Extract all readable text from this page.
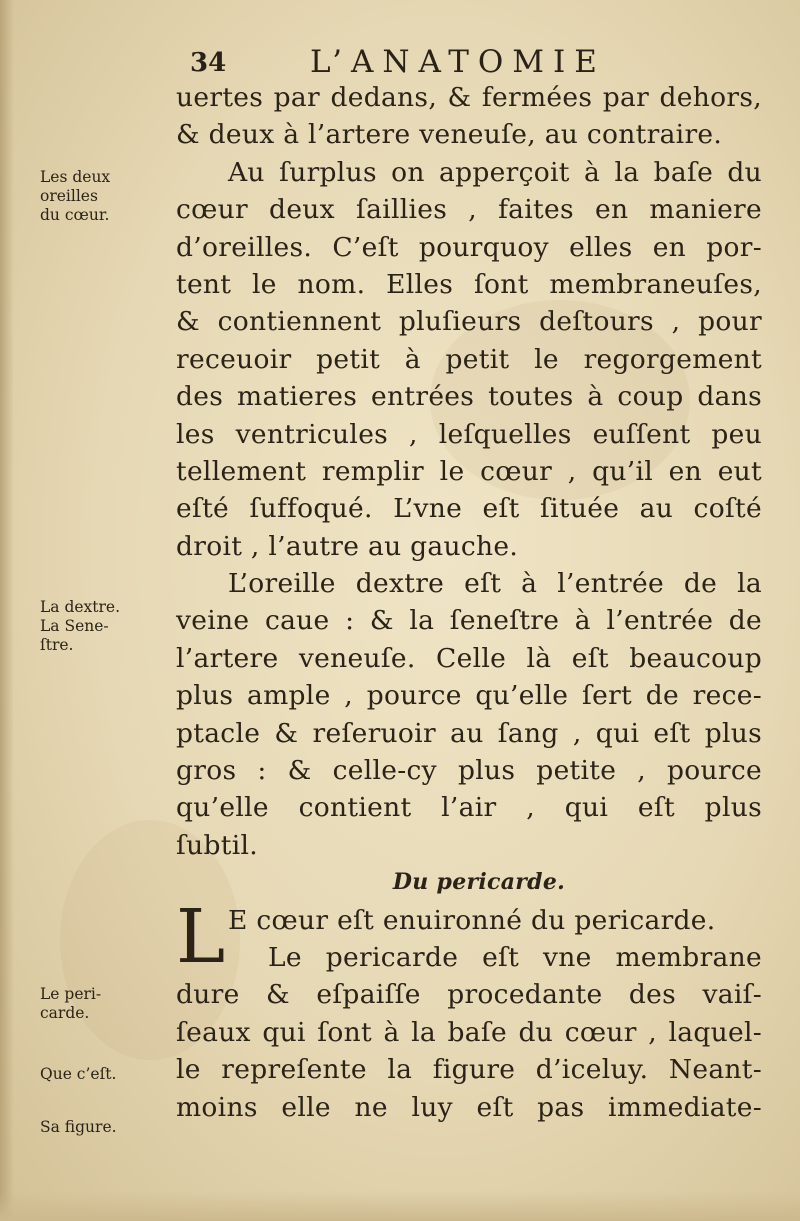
34	L’ANATOMIE
Les deux
oreilles
du cœur.
La dextre.
La Sene-
ſtre.
Le peri-
carde.
Que c’eſt.
Sa figure.
uertes par dedans, & fermées par dehors,
& deux à l’artere veneuſe, au contraire.
Au ſurplus on apperçoit à la baſe du
cœur deux ſaillies , faites en maniere
d’oreilles. C’eſt pourquoy elles en por-
tent le nom. Elles ſont membraneuſes,
& contiennent pluſieurs deſtours , pour
receuoir petit à petit le regorgement
des matieres entrées toutes à coup dans
les ventricules , leſquelles euſſent peu
tellement remplir le cœur , qu’il en eut
eſté ſuffoqué. L’vne eſt ſituée au coſté
droit , l’autre au gauche.
L’oreille dextre eſt à l’entrée de la
veine caue : & la ſeneſtre à l’entrée de
l’artere veneuſe. Celle là eſt beaucoup
plus ample , pource qu’elle ſert de rece-
ptacle & reſeruoir au ſang , qui eſt plus
gros : & celle-cy plus petite , pource
qu’elle contient l’air , qui eſt plus
ſubtil.
Du pericarde.
L E cœur eſt enuironné du pericarde.
Le pericarde eſt vne membrane
dure & eſpaiſſe procedante des vaiſ-
ſeaux qui ſont à la baſe du cœur , laquel-
le repreſente la figure d’iceluy. Neant-
moins elle ne luy eſt pas immediate-
